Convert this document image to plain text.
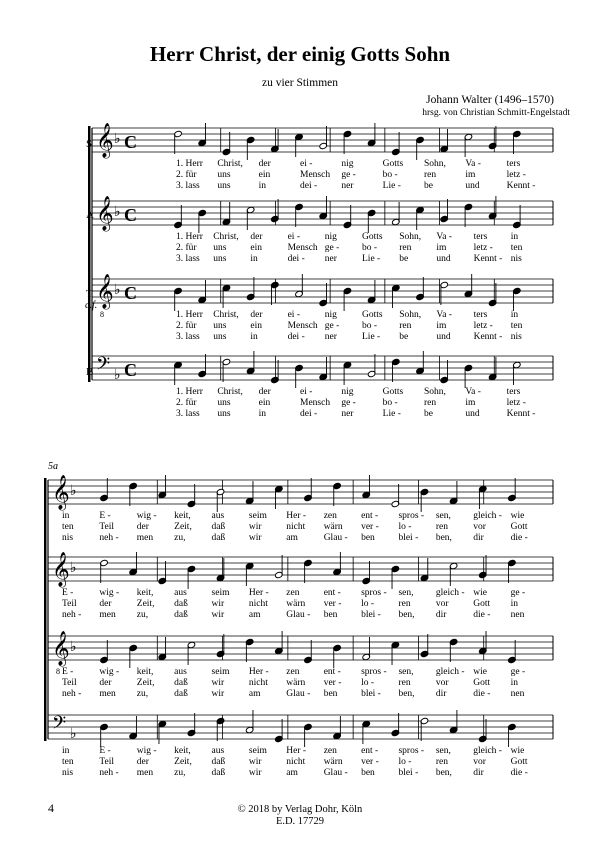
Herr Christ, der einig Gotts Sohn
zu vier Stimmen
Johann Walter (1496–1570)
hrsg. von Christian Schmitt-Engelstadt
𝄞 ♭ C
𝄞 ♭ C
𝄞
8
♭ C
𝄢 ♭ C
𝄞 ♭
𝄞 ♭
𝄞
8
♭
𝄢 ♭
1. Herr Christ, der	ei -	nig	Gotts Sohn, Va -	ters
2. für uns	ein	Mensch ge -	bo -	ren	im	letz -
3. lass uns	in	dei -	ner	Lie - be	und	Kennt -
1. Herr Christ, der	ei -	nig	Gotts Sohn, Va - ters in
2. für uns	ein	Mensch ge - bo - ren	im	letz - ten
3. lass uns	in	dei - ner	Lie - be	und Kennt - nis
1. Herr Christ, der	ei -	nig	Gotts Sohn, Va - ters in
2. für uns	ein	Mensch ge - bo - ren	im	letz - ten
3. lass uns	in	dei - ner	Lie - be	und Kennt - nis
1. Herr Christ, der	ei -	nig	Gotts Sohn, Va -	ters
2. für uns	ein	Mensch ge -	bo -	ren	im	letz -
3. lass uns	in	dei -	ner	Lie - be	und	Kennt -
in	E -	wig - keit, aus	seim Her - zen	ent - spros - sen, gleich - wie
ten	Teil der	Zeit, daß wir	nicht wärn ver - lo -	ren	vor	Gott
nis	neh - men zu,	daß wir	am	Glau - ben blei - ben, dir	die -
E -	wig - keit, aus	seim Her - zen	ent - spros - sen, gleich - wie ge -
Teil der	Zeit, daß wir	nicht wärn ver - lo -	ren	vor	Gott in
neh - men zu,	daß wir	am	Glau - ben blei - ben, dir	die - nen
E -	wig - keit, aus	seim Her - zen	ent - spros - sen, gleich - wie ge -
Teil der	Zeit, daß wir	nicht wärn ver - lo -	ren	vor	Gott in
neh - men zu,	daß wir	am	Glau - ben blei - ben, dir	die - nen
in	E -	wig - keit, aus	seim Her - zen	ent - spros - sen, gleich - wie
ten	Teil der	Zeit, daß wir	nicht wärn ver - lo -	ren	vor	Gott
nis	neh - men zu,	daß wir	am	Glau - ben blei - ben, dir	die -
S
A
T
c.f.
B
5a
4	© 2018 by Verlag Dohr, Köln
E.D. 17729
